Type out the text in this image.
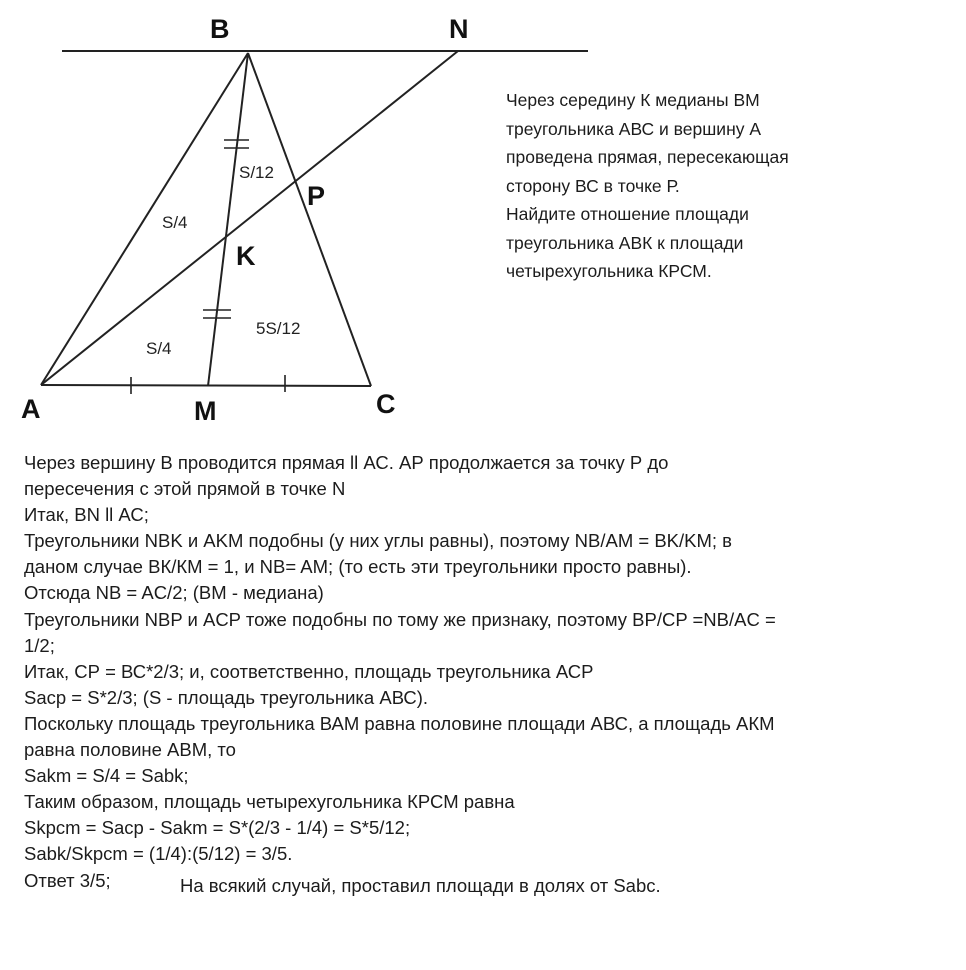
B	N
P
K
A	M	C
S/4
S/12
S/4
5S/12
Через середину К медианы ВМ
треугольника АВС и вершину А
проведена прямая, пересекающая
сторону ВС в точке Р.
Найдите отношение площади
треугольника АВК к площади
четырехугольника КРСМ.
Через вершину В проводится прямая ll АС. АР продолжается за точку Р до
пересечения с этой прямой в точке N
Итак, BN ll АС;
Треугольники NBK и AKM подобны (у них углы равны), поэтому NB/AM = BK/KM; в
даном случае ВК/КМ = 1, и NB= AM; (то есть эти треугольники просто равны).
Отсюда NB = AC/2; (BM - медиана)
Треугольники NBP и ACP тоже подобны по тому же признаку, поэтому BP/CP =NB/AC =
1/2;
Итак, СР = ВС*2/3; и, соответственно, площадь треугольника АСР
Sacp = S*2/3; (S - площадь треугольника АВС).
Поскольку площадь треугольника ВАМ равна половине площади АВС, а площадь АКМ
равна половине АВМ, то
Sakm = S/4 = Sabk;
Таким образом, площадь четырехугольника КРСМ равна
Skpcm = Sacp - Sakm = S*(2/3 - 1/4) = S*5/12;
Sabk/Skpcm = (1/4):(5/12) = 3/5.
Ответ 3/5;	На всякий случай, проставил площади в долях от Sabc.
